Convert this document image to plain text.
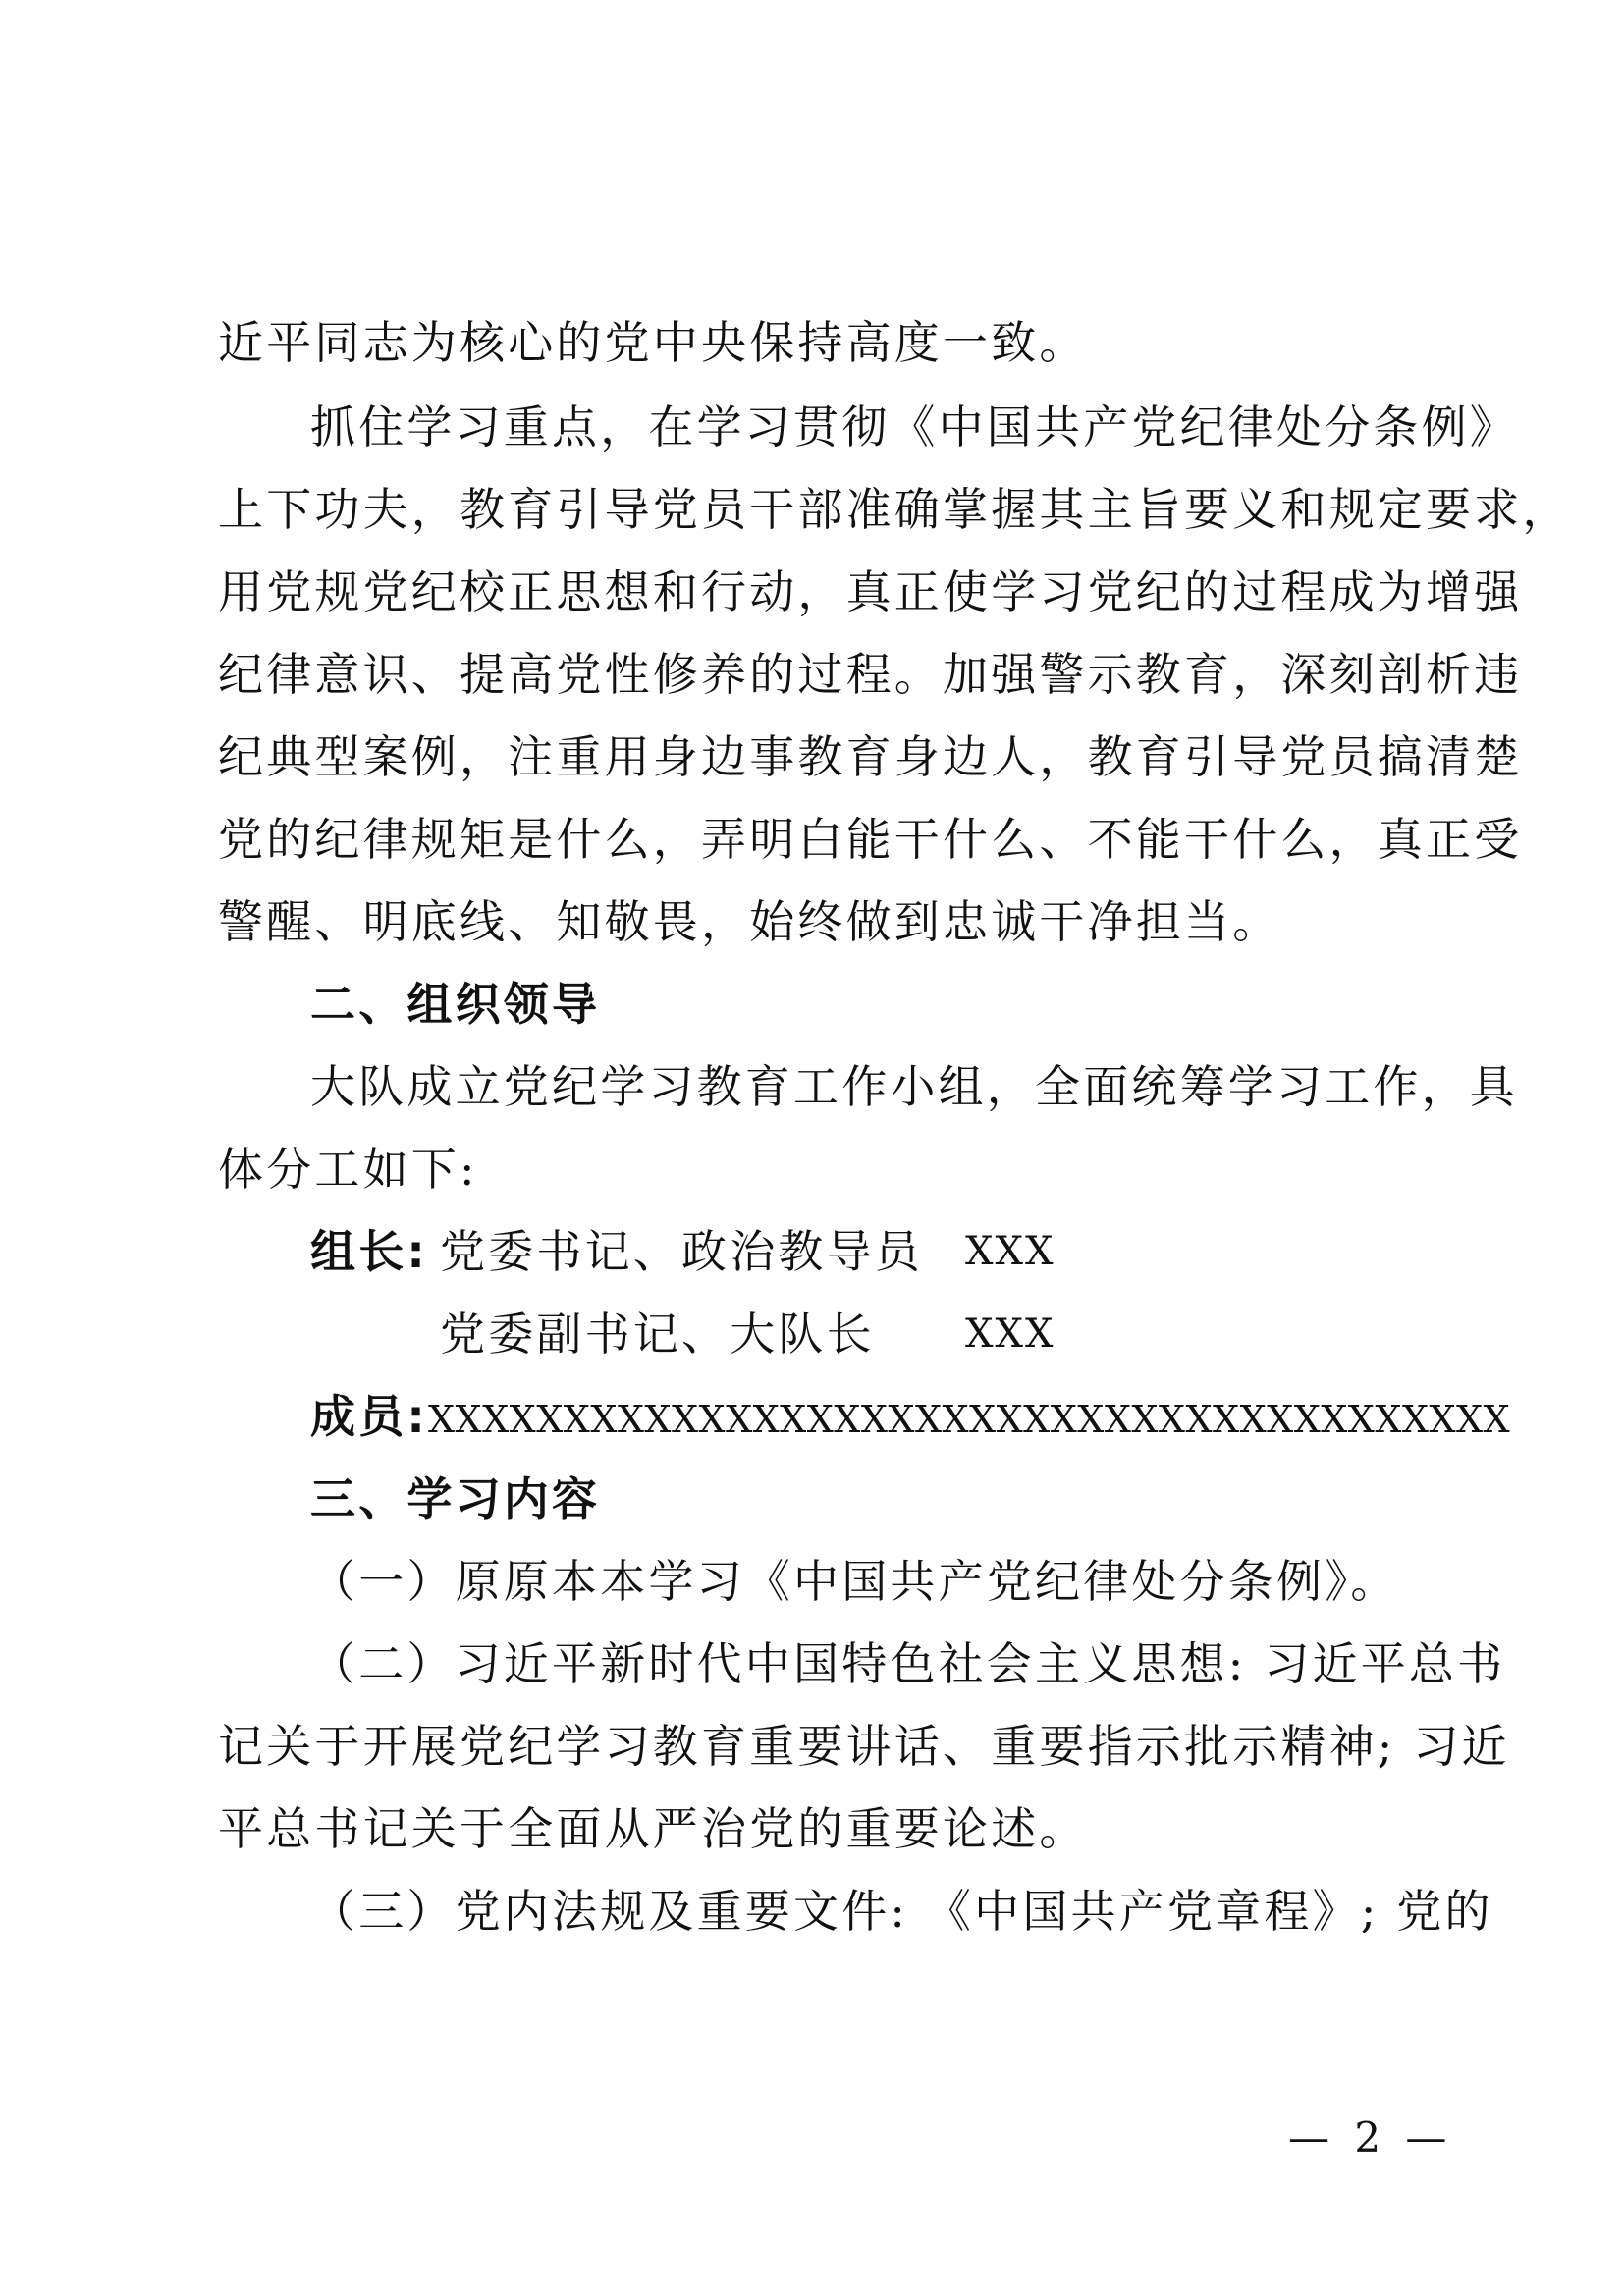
近平同志为核心的党中央保持高度一致。
抓住学习重点，在学习贯彻《中国共产党纪律处分条例》
上下功夫，教育引导党员干部准确掌握其主旨要义和规定要求，
用党规党纪校正思想和行动，真正使学习党纪的过程成为增强
纪律意识、提高党性修养的过程。加强警示教育，深刻剖析违
纪典型案例，注重用身边事教育身边人，教育引导党员搞清楚
党的纪律规矩是什么，弄明白能干什么、不能干什么，真正受
警醒、明底线、知敬畏，始终做到忠诚干净担当。
二、组织领导
大队成立党纪学习教育工作小组，全面统筹学习工作，具
体分工如下:
组长: 党委书记、政治教导员 XXX
党委副书记、大队长 XXX
成员:XXXXXXXXXXXXXXXXXXXXXXXXXXXXXXXXXXXXXXXX
三、学习内容
（一）原原本本学习《中国共产党纪律处分条例》。
（二）习近平新时代中国特色社会主义思想: 习近平总书
记关于开展党纪学习教育重要讲话、重要指示批示精神; 习近
平总书记关于全面从严治党的重要论述。
（三）党内法规及重要文件: 《中国共产党章程》; 党的
— 2 —
